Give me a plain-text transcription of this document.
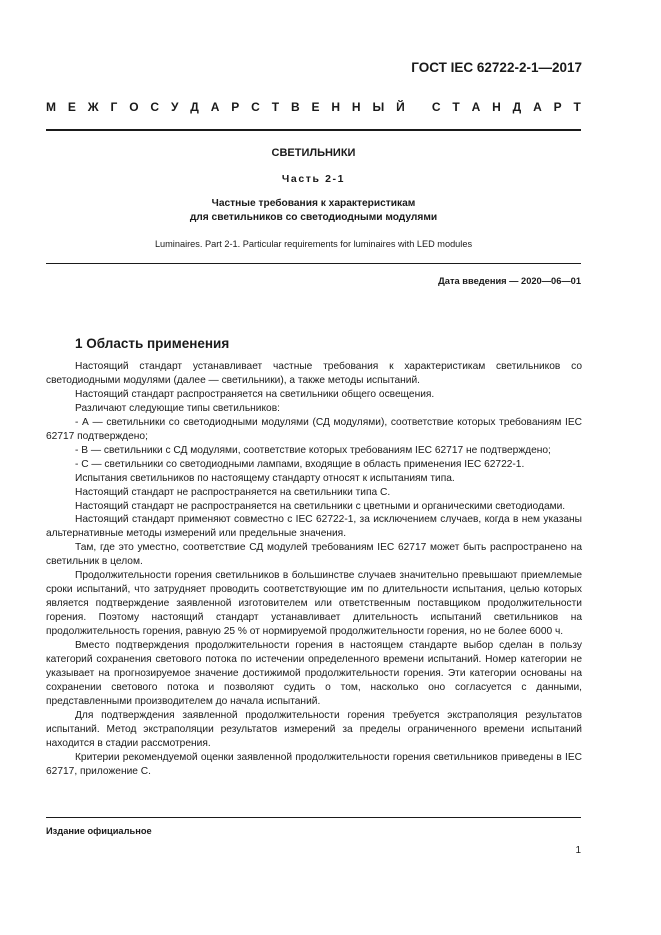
ГОСТ IEC 62722-2-1—2017
М Е Ж Г О С У Д А Р С Т В Е Н Н Ы Й
С Т А Н Д А Р Т
СВЕТИЛЬНИКИ
Часть 2-1
Частные требования к характеристикам
для светильников со светодиодными модулями
Luminaires. Part 2-1. Particular requirements for luminaires with LED modules
Дата введения — 2020—06—01
1 Область применения

Настоящий стандарт устанавливает частные требования к характеристикам светильников со светодиодными модулями (далее — светильники), а также методы испытаний.

Настоящий стандарт распространяется на светильники общего освещения.

Различают следующие типы светильников:

- А — светильники со светодиодными модулями (СД модулями), соответствие которых требованиям IEC 62717 подтверждено;

- В — светильники с СД модулями, соответствие которых требованиям IEC 62717 не подтверждено;

- С — светильники со светодиодными лампами, входящие в область применения IEC 62722-1.

Испытания светильников по настоящему стандарту относят к испытаниям типа.

Настоящий стандарт не распространяется на светильники типа С.

Настоящий стандарт не распространяется на светильники с цветными и органическими светодиодами.

Настоящий стандарт применяют совместно с IEC 62722-1, за исключением случаев, когда в нем указаны альтернативные методы измерений или предельные значения.

Там, где это уместно, соответствие СД модулей требованиям IEC 62717 может быть распространено на светильник в целом.

Продолжительности горения светильников в большинстве случаев значительно превышают приемлемые сроки испытаний, что затрудняет проводить соответствующие им по длительности испытания, целью которых является подтверждение заявленной изготовителем или ответственным поставщиком продолжительности горения. Поэтому настоящий стандарт устанавливает длительность испытаний светильников на продолжительность горения, равную 25 % от нормируемой продолжительности горения, но не более 6000 ч.

Вместо подтверждения продолжительности горения в настоящем стандарте выбор сделан в пользу категорий сохранения светового потока по истечении определенного времени испытаний. Номер категории не указывает на прогнозируемое значение достижимой продолжительности горения. Эти категории основаны на сохранении светового потока и позволяют судить о том, насколько оно согласуется с данными, представленными производителем до начала испытаний.

Для подтверждения заявленной продолжительности горения требуется экстраполяция результатов испытаний. Метод экстраполяции результатов измерений за пределы ограниченного времени испытаний находится в стадии рассмотрения.

Критерии рекомендуемой оценки заявленной продолжительности горения светильников приведены в IEC 62717, приложение С.

Издание официальное
1
